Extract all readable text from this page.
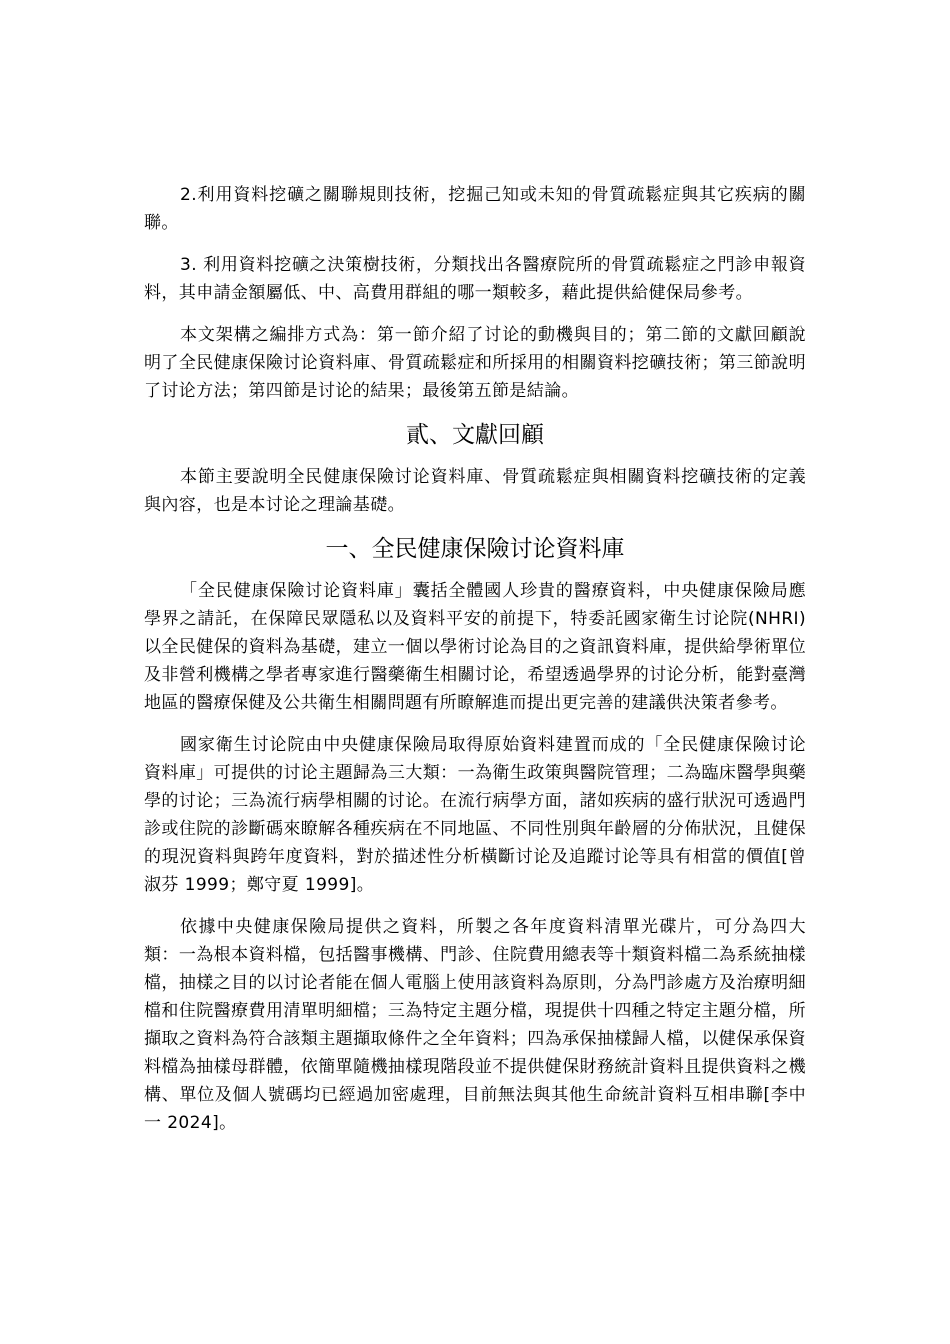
2.利用資料挖礦之關聯規則技術，挖掘己知或未知的骨質疏鬆症與其它疾病的關聯。

3. 利用資料挖礦之決策樹技術，分類找出各醫療院所的骨質疏鬆症之門診申報資料，其申請金額屬低、中、高費用群組的哪一類較多，藉此提供給健保局參考。

本文架構之編排方式為：第一節介紹了讨论的動機與目的；第二節的文獻回顧說明了全民健康保險讨论資料庫、骨質疏鬆症和所採用的相關資料挖礦技術；第三節說明了讨论方法；第四節是讨论的結果；最後第五節是結論。

貳、文獻回顧

本節主要說明全民健康保險讨论資料庫、骨質疏鬆症與相關資料挖礦技術的定義與內容，也是本讨论之理論基礎。

一、全民健康保險讨论資料庫

「全民健康保險讨论資料庫」囊括全體國人珍貴的醫療資料，中央健康保險局應學界之請託，在保障民眾隱私以及資料平安的前提下，特委託國家衛生讨论院(NHRI)以全民健保的資料為基礎，建立一個以學術讨论為目的之資訊資料庫，提供給學術單位及非營利機構之學者專家進行醫藥衛生相關讨论，希望透過學界的讨论分析，能對臺灣地區的醫療保健及公共衛生相關問題有所瞭解進而提出更完善的建議供決策者參考。

國家衛生讨论院由中央健康保險局取得原始資料建置而成的「全民健康保險讨论資料庫」可提供的讨论主題歸為三大類：一為衛生政策與醫院管理；二為臨床醫學與藥學的讨论；三為流行病學相關的讨论。在流行病學方面，諸如疾病的盛行狀況可透過門診或住院的診斷碼來瞭解各種疾病在不同地區、不同性別與年齡層的分佈狀況，且健保的現況資料與跨年度資料，對於描述性分析橫斷讨论及追蹤讨论等具有相當的價值[曾淑芬 1999；鄭守夏 1999]。

依據中央健康保險局提供之資料，所製之各年度資料清單光碟片，可分為四大類：一為根本資料檔，包括醫事機構、門診、住院費用總表等十類資料檔二為系統抽樣檔，抽樣之目的以讨论者能在個人電腦上使用該資料為原則，分為門診處方及治療明細檔和住院醫療費用清單明細檔；三為特定主題分檔，現提供十四種之特定主題分檔，所擷取之資料為符合該類主題擷取條件之全年資料；四為承保抽樣歸人檔，以健保承保資料檔為抽樣母群體，依簡單隨機抽樣現階段並不提供健保財務統計資料且提供資料之機構、單位及個人號碼均已經過加密處理，目前無法與其他生命統計資料互相串聯[李中一 2024]。
